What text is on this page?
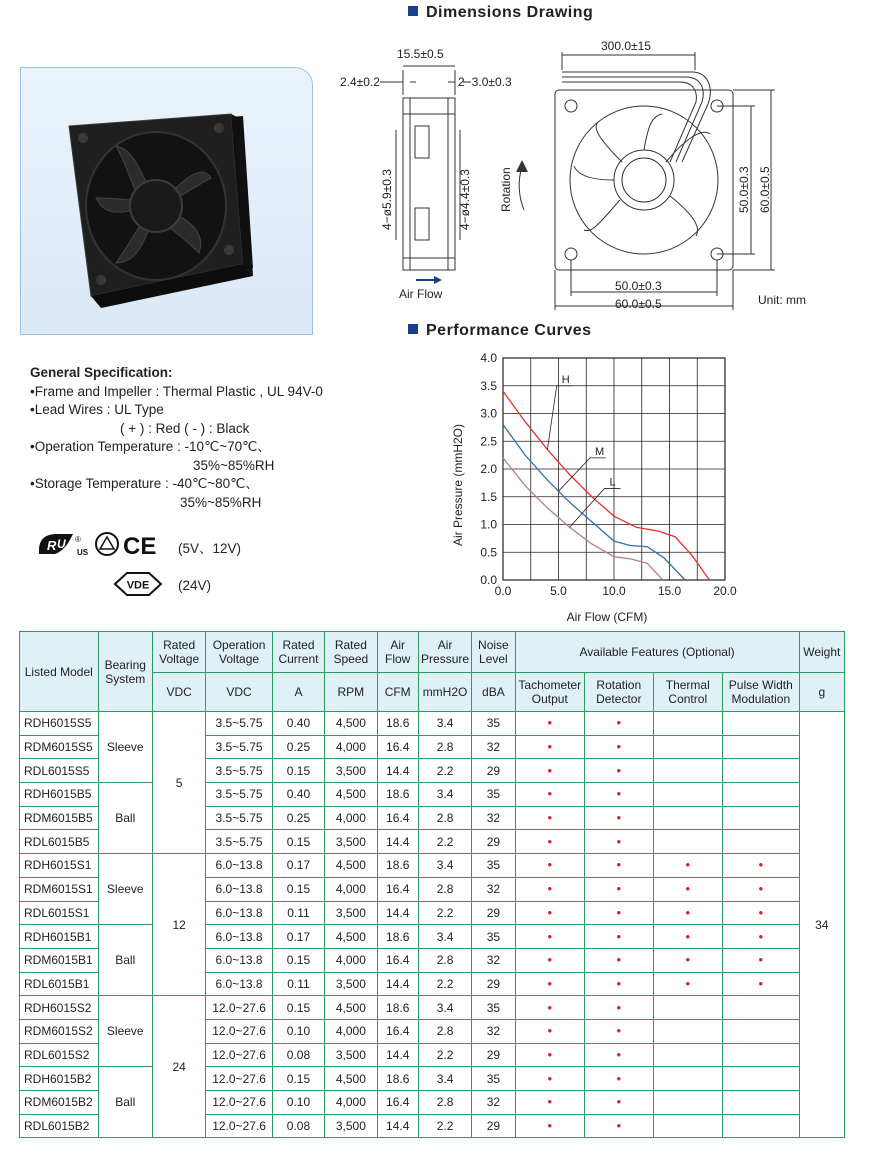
Dimensions Drawing
15.5±0.5
2.4±0.2	2−3.0±0.3
4−ø5.9±0.3	4−ø4.4±0.3
Air Flow
300.0±15
Rotation	50.0±0.3 60.0±0.5
50.0±0.3
60.0±0.5	Unit: mm
Performance Curves
H
M
L
0.0	5.0	10.0	15.0	20.0
0.0
0.5
1.0
1.5
2.0
2.5
3.0
3.5
4.0
Air Flow (CFM)
Air Pressure (mmH2O)
General Specification:
•Frame and Impeller : Thermal Plastic , UL 94V-0
•Lead Wires : UL Type
( + ) : Red ( - ) : Black
•Operation Temperature : -10℃~70℃、
35%~85%RH
•Storage Temperature : -40℃~80℃、
35%~85%RH
R U ®
US CE (5V、12V)
VDE (24V)
Listed Model	Bearing System	Rated Voltage	Operation Voltage	Rated Current	Rated Speed	Air Flow	Air Pressure	Noise Level	Available Features (Optional)				Weight
		VDC	VDC	A	RPM	CFM	mmH2O	dBA	Tachometer Output	Rotation Detector	Thermal Control	Pulse Width Modulation	g
RDH6015S5	Sleeve	5	3.5~5.75	0.40	4,500	18.6	3.4	35	•	•			34
RDM6015S5			3.5~5.75	0.25	4,000	16.4	2.8	32	•	•			
RDL6015S5			3.5~5.75	0.15	3,500	14.4	2.2	29	•	•			
RDH6015B5	Ball		3.5~5.75	0.40	4,500	18.6	3.4	35	•	•			
RDM6015B5			3.5~5.75	0.25	4,000	16.4	2.8	32	•	•			
RDL6015B5			3.5~5.75	0.15	3,500	14.4	2.2	29	•	•			
RDH6015S1	Sleeve	12	6.0~13.8	0.17	4,500	18.6	3.4	35	•	•	•	•	
RDM6015S1			6.0~13.8	0.15	4,000	16.4	2.8	32	•	•	•	•	
RDL6015S1			6.0~13.8	0.11	3,500	14.4	2.2	29	•	•	•	•	
RDH6015B1	Ball		6.0~13.8	0.17	4,500	18.6	3.4	35	•	•	•	•	
RDM6015B1			6.0~13.8	0.15	4,000	16.4	2.8	32	•	•	•	•	
RDL6015B1			6.0~13.8	0.11	3,500	14.4	2.2	29	•	•	•	•	
RDH6015S2	Sleeve	24	12.0~27.6	0.15	4,500	18.6	3.4	35	•	•			
RDM6015S2			12.0~27.6	0.10	4,000	16.4	2.8	32	•	•			
RDL6015S2			12.0~27.6	0.08	3,500	14.4	2.2	29	•	•			
RDH6015B2	Ball		12.0~27.6	0.15	4,500	18.6	3.4	35	•	•			
RDM6015B2			12.0~27.6	0.10	4,000	16.4	2.8	32	•	•			
RDL6015B2			12.0~27.6	0.08	3,500	14.4	2.2	29	•	•			
